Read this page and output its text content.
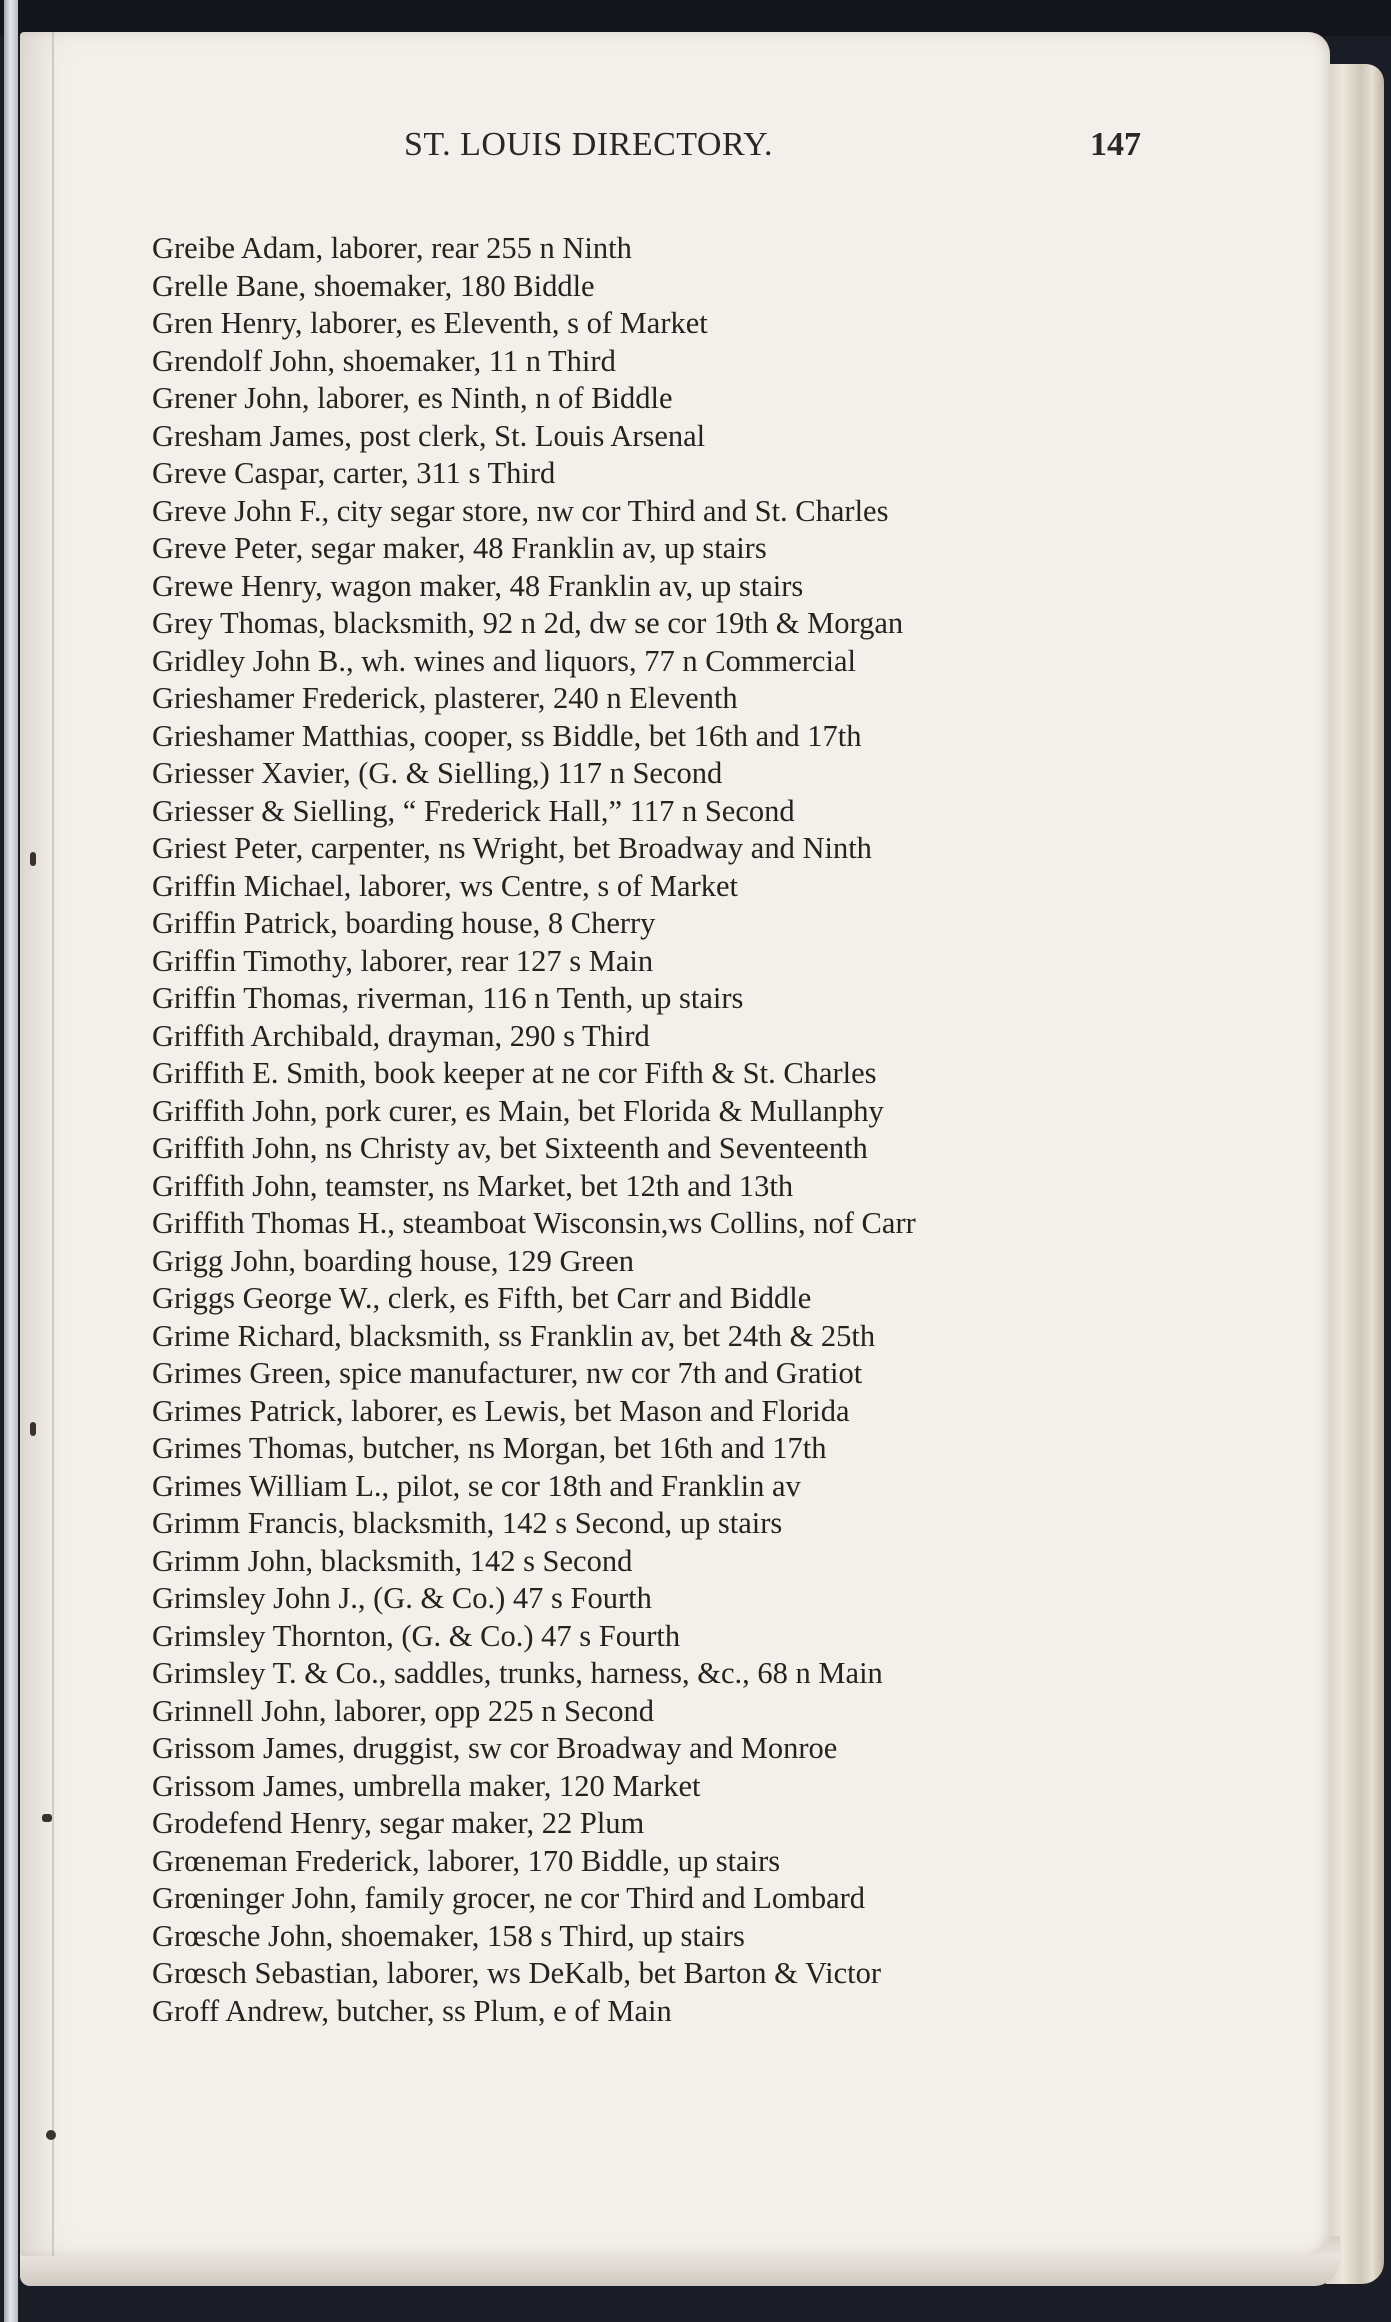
ST. LOUIS DIRECTORY.	147
Greibe Adam, laborer, rear 255 n Ninth
Grelle Bane, shoemaker, 180 Biddle
Gren Henry, laborer, es Eleventh, s of Market
Grendolf John, shoemaker, 11 n Third
Grener John, laborer, es Ninth, n of Biddle
Gresham James, post clerk, St. Louis Arsenal
Greve Caspar, carter, 311 s Third
Greve John F., city segar store, nw cor Third and St. Charles
Greve Peter, segar maker, 48 Franklin av, up stairs
Grewe Henry, wagon maker, 48 Franklin av, up stairs
Grey Thomas, blacksmith, 92 n 2d, dw se cor 19th & Morgan
Gridley John B., wh. wines and liquors, 77 n Commercial
Grieshamer Frederick, plasterer, 240 n Eleventh
Grieshamer Matthias, cooper, ss Biddle, bet 16th and 17th
Griesser Xavier, (G. & Sielling,) 117 n Second
Griesser & Sielling, “ Frederick Hall,” 117 n Second
Griest Peter, carpenter, ns Wright, bet Broadway and Ninth
Griffin Michael, laborer, ws Centre, s of Market
Griffin Patrick, boarding house, 8 Cherry
Griffin Timothy, laborer, rear 127 s Main
Griffin Thomas, riverman, 116 n Tenth, up stairs
Griffith Archibald, drayman, 290 s Third
Griffith E. Smith, book keeper at ne cor Fifth & St. Charles
Griffith John, pork curer, es Main, bet Florida & Mullanphy
Griffith John, ns Christy av, bet Sixteenth and Seventeenth
Griffith John, teamster, ns Market, bet 12th and 13th
Griffith Thomas H., steamboat Wisconsin,ws Collins, nof Carr
Grigg John, boarding house, 129 Green
Griggs George W., clerk, es Fifth, bet Carr and Biddle
Grime Richard, blacksmith, ss Franklin av, bet 24th & 25th
Grimes Green, spice manufacturer, nw cor 7th and Gratiot
Grimes Patrick, laborer, es Lewis, bet Mason and Florida
Grimes Thomas, butcher, ns Morgan, bet 16th and 17th
Grimes William L., pilot, se cor 18th and Franklin av
Grimm Francis, blacksmith, 142 s Second, up stairs
Grimm John, blacksmith, 142 s Second
Grimsley John J., (G. & Co.) 47 s Fourth
Grimsley Thornton, (G. & Co.) 47 s Fourth
Grimsley T. & Co., saddles, trunks, harness, &c., 68 n Main
Grinnell John, laborer, opp 225 n Second
Grissom James, druggist, sw cor Broadway and Monroe
Grissom James, umbrella maker, 120 Market
Grodefend Henry, segar maker, 22 Plum
Grœneman Frederick, laborer, 170 Biddle, up stairs
Grœninger John, family grocer, ne cor Third and Lombard
Grœsche John, shoemaker, 158 s Third, up stairs
Grœsch Sebastian, laborer, ws DeKalb, bet Barton & Victor
Groff Andrew, butcher, ss Plum, e of Main
